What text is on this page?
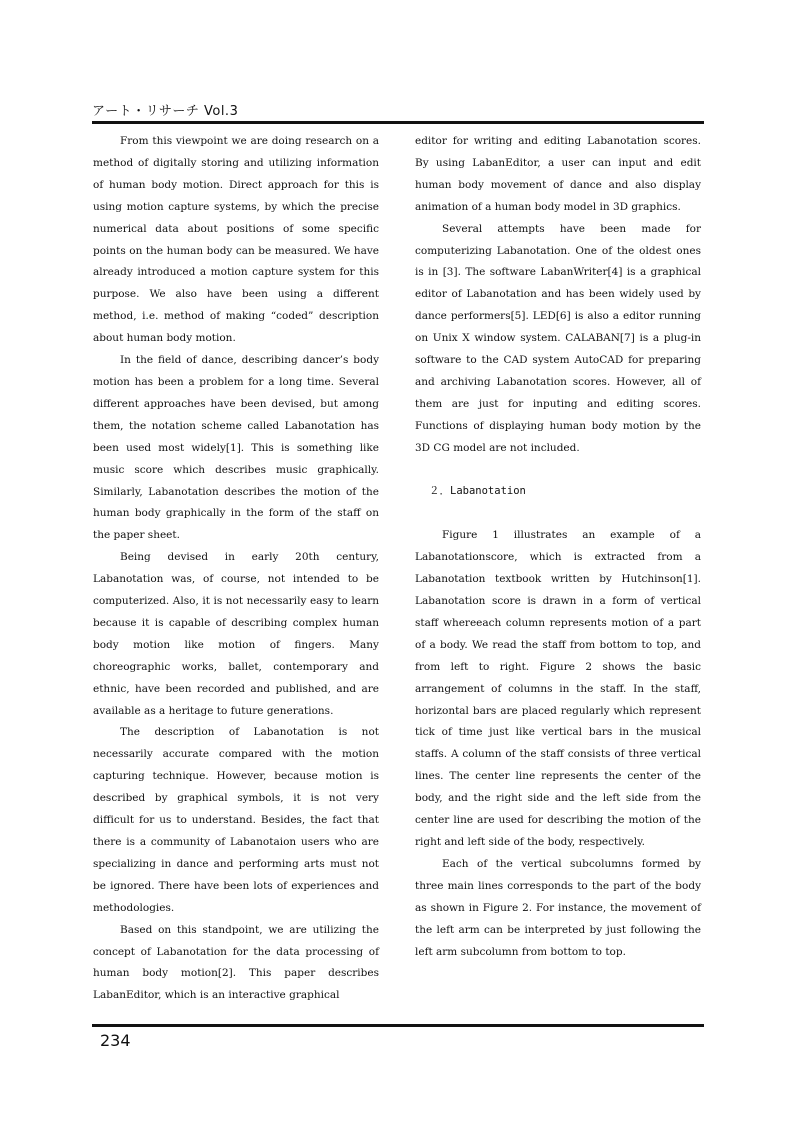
アート・リサーチ Vol.3

From this viewpoint we are doing research on a method of digitally storing and utilizing information of human body motion. Direct approach for this is using motion capture systems, by which the precise numerical data about positions of some specific points on the human body can be measured. We have already introduced a motion capture system for this purpose. We also have been using a different method, i.e. method of making “coded” description about human body motion.

In the field of dance, describing dancer’s body motion has been a problem for a long time. Several different approaches have been devised, but among them, the notation scheme called Labanotation has been used most widely[1]. This is something like music score which describes music graphically. Similarly, Labanotation describes the motion of the human body graphically in the form of the staff on the paper sheet.

Being devised in early 20th century, Labanotation was, of course, not intended to be computerized. Also, it is not necessarily easy to learn because it is capable of describing complex human body motion like motion of fingers. Many choreographic works, ballet, contemporary and ethnic, have been recorded and published, and are available as a heritage to future generations.

The description of Labanotation is not necessarily accurate compared with the motion capturing technique. However, because motion is described by graphical symbols, it is not very difficult for us to understand. Besides, the fact that there is a community of Labanotaion users who are specializing in dance and performing arts must not be ignored. There have been lots of experiences and methodologies.

Based on this standpoint, we are utilizing the concept of Labanotation for the data processing of human body motion[2]. This paper describes LabanEditor, which is an interactive graphical

editor for writing and editing Labanotation scores. By using LabanEditor, a user can input and edit human body movement of dance and also display animation of a human body model in 3D graphics.

Several attempts have been made for computerizing Labanotation. One of the oldest ones is in [3]. The software LabanWriter[4] is a graphical editor of Labanotation and has been widely used by dance performers[5]. LED[6] is also a editor running on Unix X window system. CALABAN[7] is a plug-in software to the CAD system AutoCAD for preparing and archiving Labanotation scores. However, all of them are just for inputing and editing scores. Functions of displaying human body motion by the 3D CG model are not included.

２．Labanotation

Figure 1 illustrates an example of a Labanotationscore, which is extracted from a Labanotation textbook written by Hutchinson[1]. Labanotation score is drawn in a form of vertical staff whereeach column represents motion of a part of a body. We read the staff from bottom to top, and from left to right. Figure 2 shows the basic arrangement of columns in the staff. In the staff, horizontal bars are placed regularly which represent tick of time just like vertical bars in the musical staffs. A column of the staff consists of three vertical lines. The center line represents the center of the body, and the right side and the left side from the center line are used for describing the motion of the right and left side of the body, respectively.

Each of the vertical subcolumns formed by three main lines corresponds to the part of the body as shown in Figure 2. For instance, the movement of the left arm can be interpreted by just following the left arm subcolumn from bottom to top.

234
